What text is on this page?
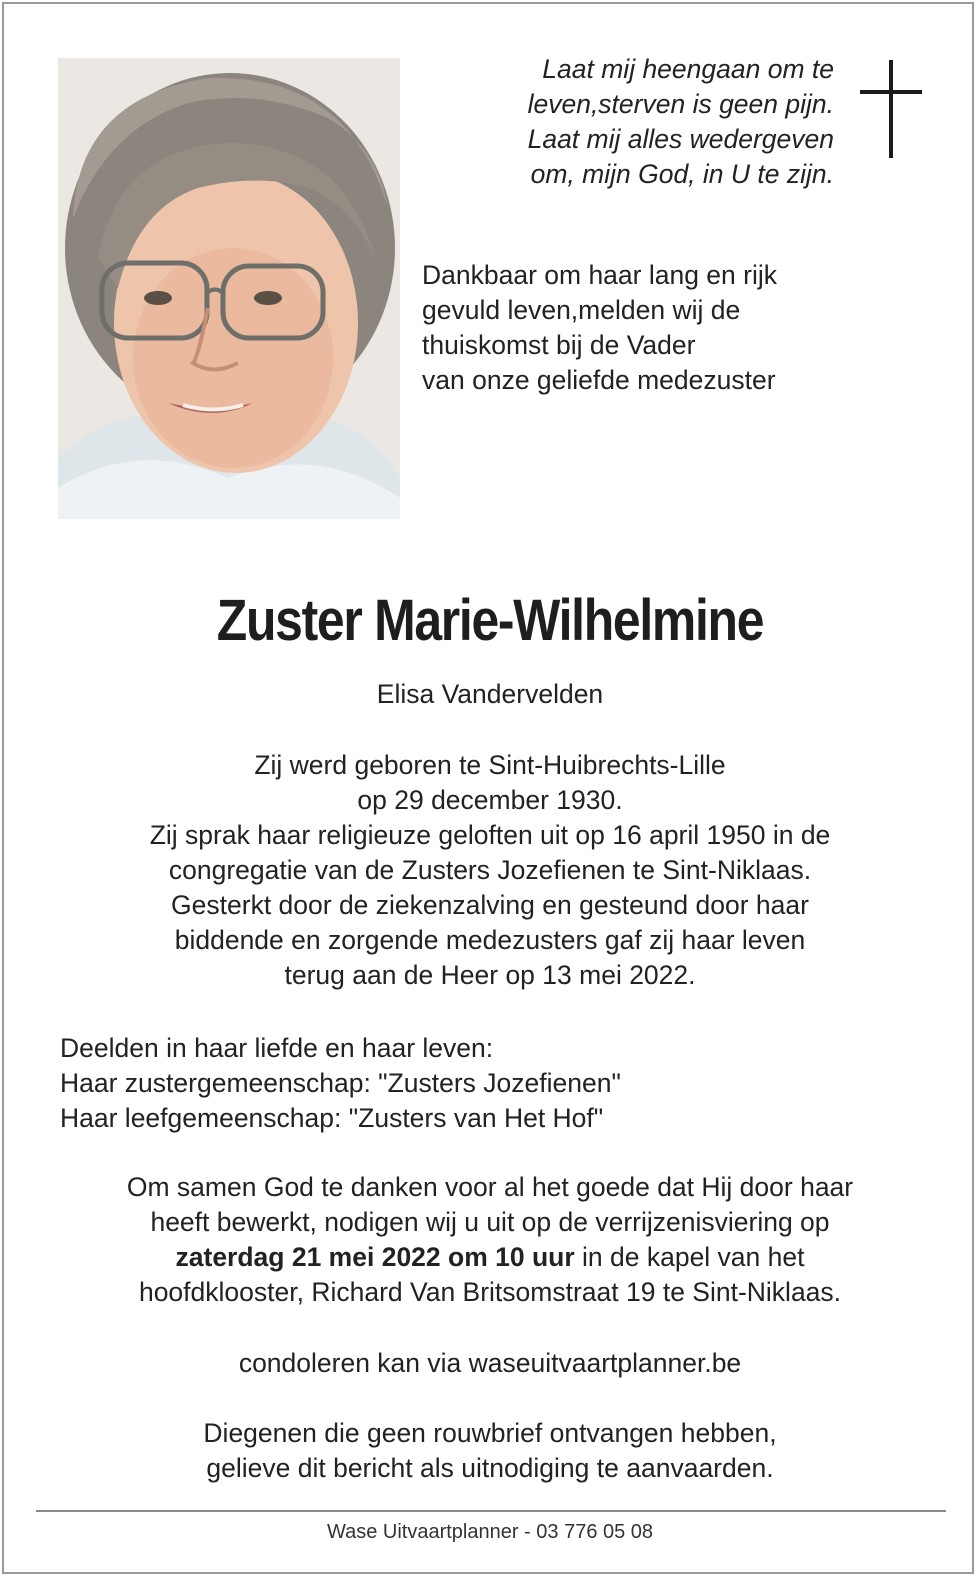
Laat mij heengaan om te
leven,sterven is geen pijn.
Laat mij alles wedergeven
om, mijn God, in U te zijn.
Dankbaar om haar lang en rijk
gevuld leven,melden wij de
thuiskomst bij de Vader
van onze geliefde medezuster
Zuster Marie-Wilhelmine
Elisa Vandervelden
Zij werd geboren te Sint-Huibrechts-Lille
op 29 december 1930.
Zij sprak haar religieuze geloften uit op 16 april 1950 in de
congregatie van de Zusters Jozefienen te Sint-Niklaas.
Gesterkt door de ziekenzalving en gesteund door haar
biddende en zorgende medezusters gaf zij haar leven
terug aan de Heer op 13 mei 2022.
Deelden in haar liefde en haar leven:
Haar zustergemeenschap: "Zusters Jozefienen"
Haar leefgemeenschap: "Zusters van Het Hof"
Om samen God te danken voor al het goede dat Hij door haar
heeft bewerkt, nodigen wij u uit op de verrijzenisviering op
zaterdag 21 mei 2022 om 10 uur in de kapel van het
hoofdklooster, Richard Van Britsomstraat 19 te Sint-Niklaas.
condoleren kan via waseuitvaartplanner.be
Diegenen die geen rouwbrief ontvangen hebben,
gelieve dit bericht als uitnodiging te aanvaarden.
Wase Uitvaartplanner - 03 776 05 08
